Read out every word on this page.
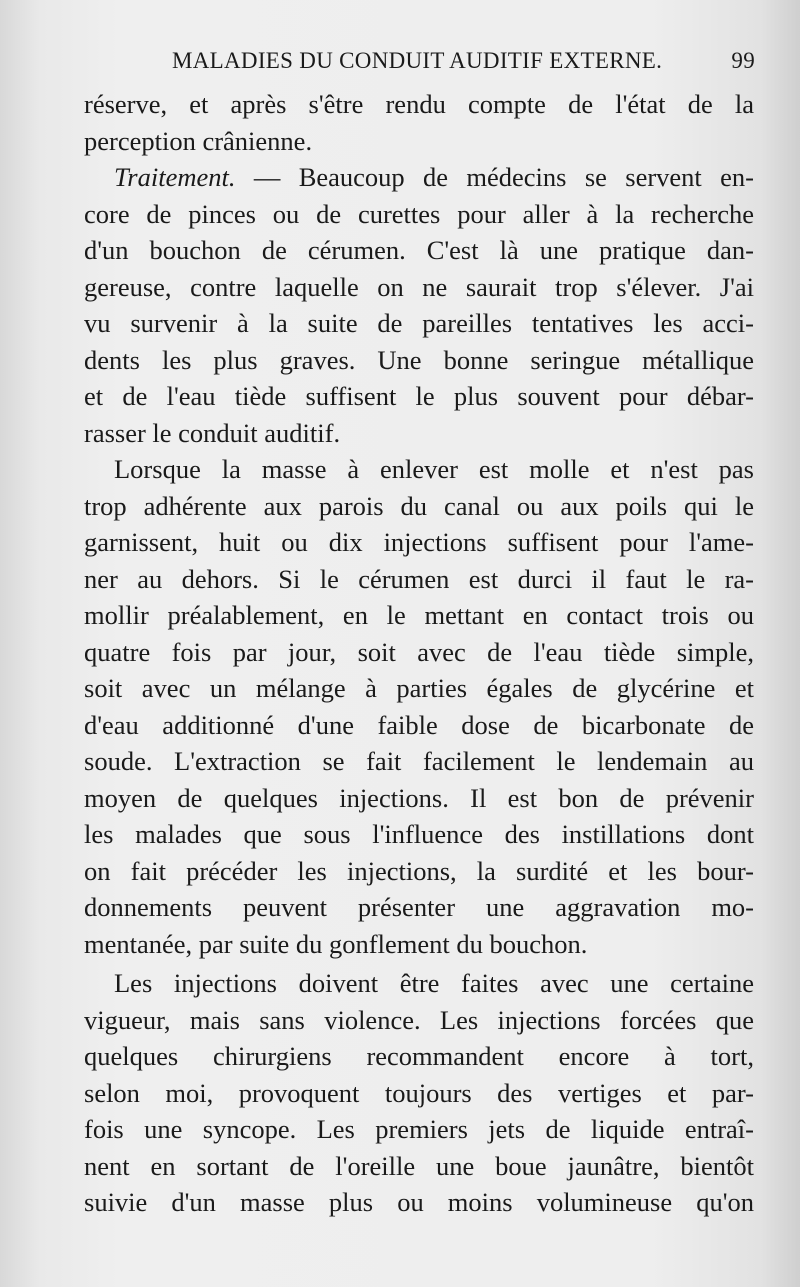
MALADIES DU CONDUIT AUDITIF EXTERNE.	99
réserve, et après s'être rendu compte de l'état de la
perception crânienne.
Traitement. — Beaucoup de médecins se servent en-
core de pinces ou de curettes pour aller à la recherche
d'un bouchon de cérumen. C'est là une pratique dan-
gereuse, contre laquelle on ne saurait trop s'élever. J'ai
vu survenir à la suite de pareilles tentatives les acci-
dents les plus graves. Une bonne seringue métallique
et de l'eau tiède suffisent le plus souvent pour débar-
rasser le conduit auditif.
Lorsque la masse à enlever est molle et n'est pas
trop adhérente aux parois du canal ou aux poils qui le
garnissent, huit ou dix injections suffisent pour l'ame-
ner au dehors. Si le cérumen est durci il faut le ra-
mollir préalablement, en le mettant en contact trois ou
quatre fois par jour, soit avec de l'eau tiède simple,
soit avec un mélange à parties égales de glycérine et
d'eau additionné d'une faible dose de bicarbonate de
soude. L'extraction se fait facilement le lendemain au
moyen de quelques injections. Il est bon de prévenir
les malades que sous l'influence des instillations dont
on fait précéder les injections, la surdité et les bour-
donnements peuvent présenter une aggravation mo-
mentanée, par suite du gonflement du bouchon.
Les injections doivent être faites avec une certaine
vigueur, mais sans violence. Les injections forcées que
quelques chirurgiens recommandent encore à tort,
selon moi, provoquent toujours des vertiges et par-
fois une syncope. Les premiers jets de liquide entraî-
nent en sortant de l'oreille une boue jaunâtre, bientôt
suivie d'un masse plus ou moins volumineuse qu'on
